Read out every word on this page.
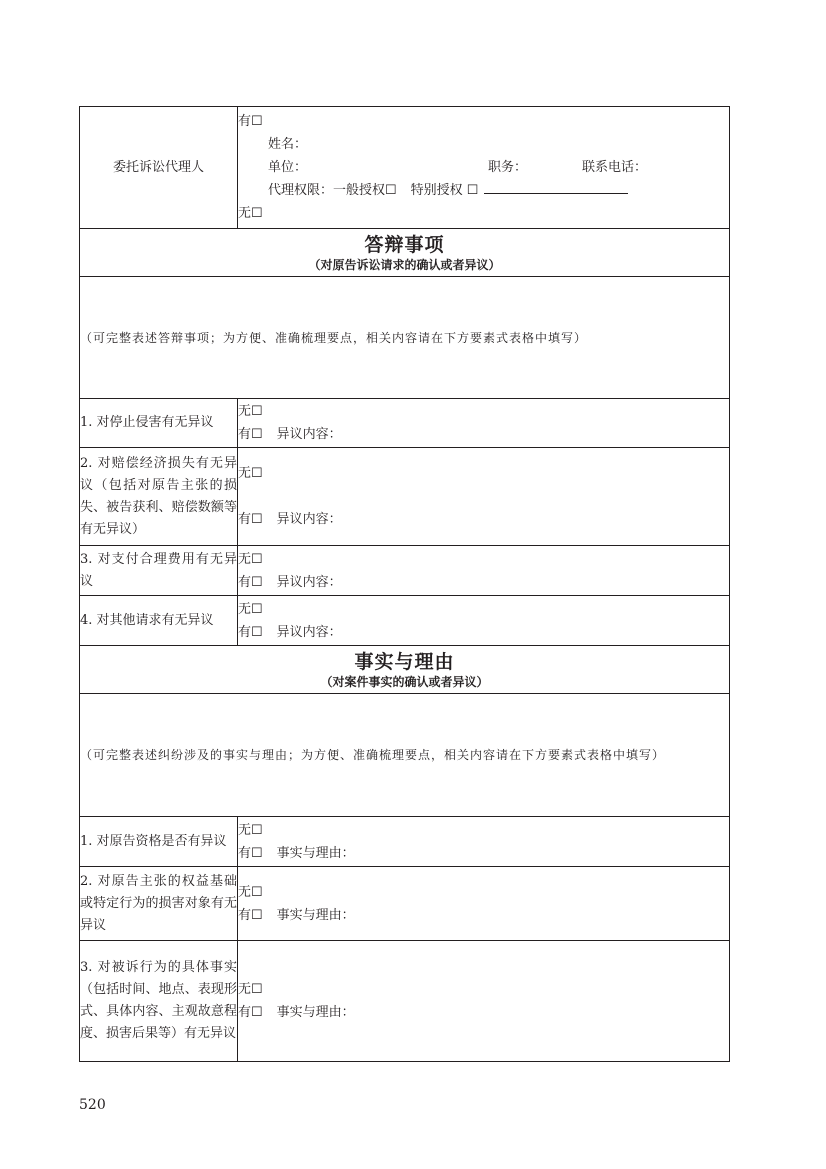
委托诉讼代理人	有☐
姓名：
单位： 职务： 联系电话：
代理权限：一般授权☐ 特别授权 ☐
无☐

答辩事项
（对原告诉讼请求的确认或者异议）	

（可完整表述答辩事项；为方便、准确梳理要点，相关内容请在下方要素式表格中填写）	
1. 对停止侵害有无异议	无☐
有☐ 异议内容：

2. 对赔偿经济损失有无异议（包括对原告主张的损失、被告获利、赔偿数额等有无异议）	无☐
有☐ 异议内容：

3. 对支付合理费用有无异议	无☐
有☐ 异议内容：

4. 对其他请求有无异议	无☐
有☐ 异议内容：

事实与理由
（对案件事实的确认或者异议）	

（可完整表述纠纷涉及的事实与理由；为方便、准确梳理要点，相关内容请在下方要素式表格中填写）	
1. 对原告资格是否有异议	无☐
有☐ 事实与理由：

2. 对原告主张的权益基础或特定行为的损害对象有无异议	无☐
有☐ 事实与理由：

3. 对被诉行为的具体事实（包括时间、地点、表现形式、具体内容、主观故意程度、损害后果等）有无异议	无☐
有☐ 事实与理由：
520
